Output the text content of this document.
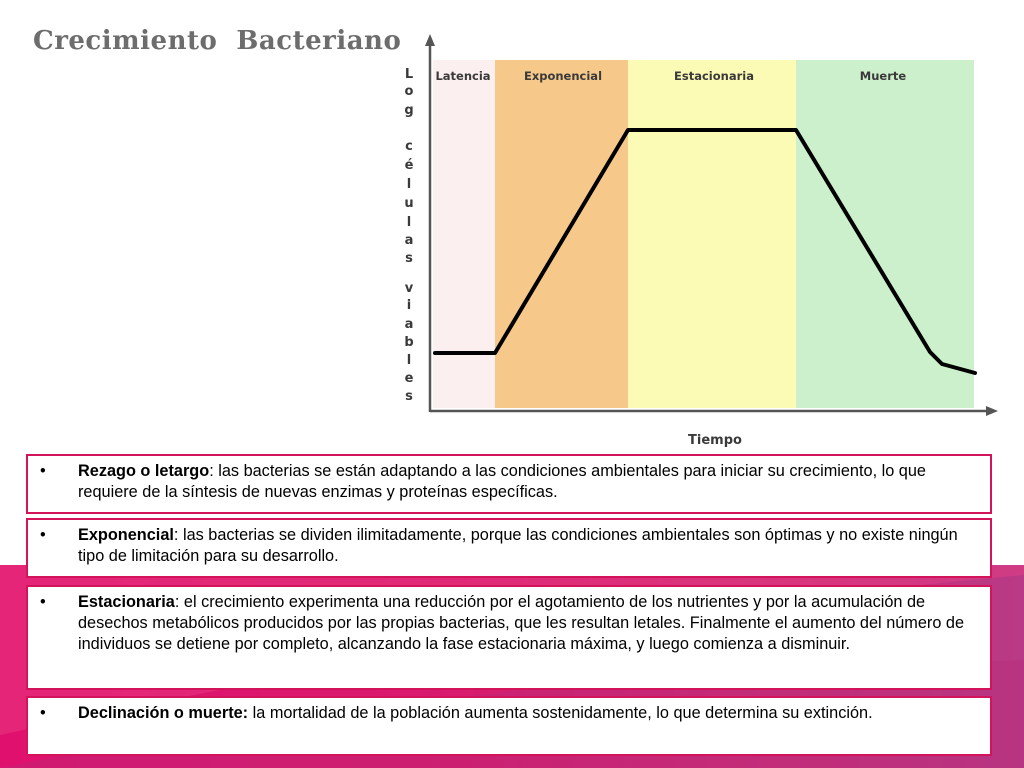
Crecimiento  Bacteriano
Latencia	Exponencial	Estacionaria	Muerte
L
o
g
c
é
l
u
l
a
s
v
i
a
b
l
e
s
Tiempo
• Rezago o letargo: las bacterias se están adaptando a las condiciones ambientales para iniciar su crecimiento, lo que requiere de la síntesis de nuevas enzimas y proteínas específicas.
• Exponencial: las bacterias se dividen ilimitadamente, porque las condiciones ambientales son óptimas y no existe ningún tipo de limitación para su desarrollo.
• Estacionaria: el crecimiento experimenta una reducción por el agotamiento de los nutrientes y por la acumulación de desechos metabólicos producidos por las propias bacterias, que les resultan letales. Finalmente el aumento del número de individuos se detiene por completo, alcanzando la fase estacionaria máxima, y luego comienza a disminuir.
• Declinación o muerte: la mortalidad de la población aumenta sostenidamente, lo que determina su extinción.
